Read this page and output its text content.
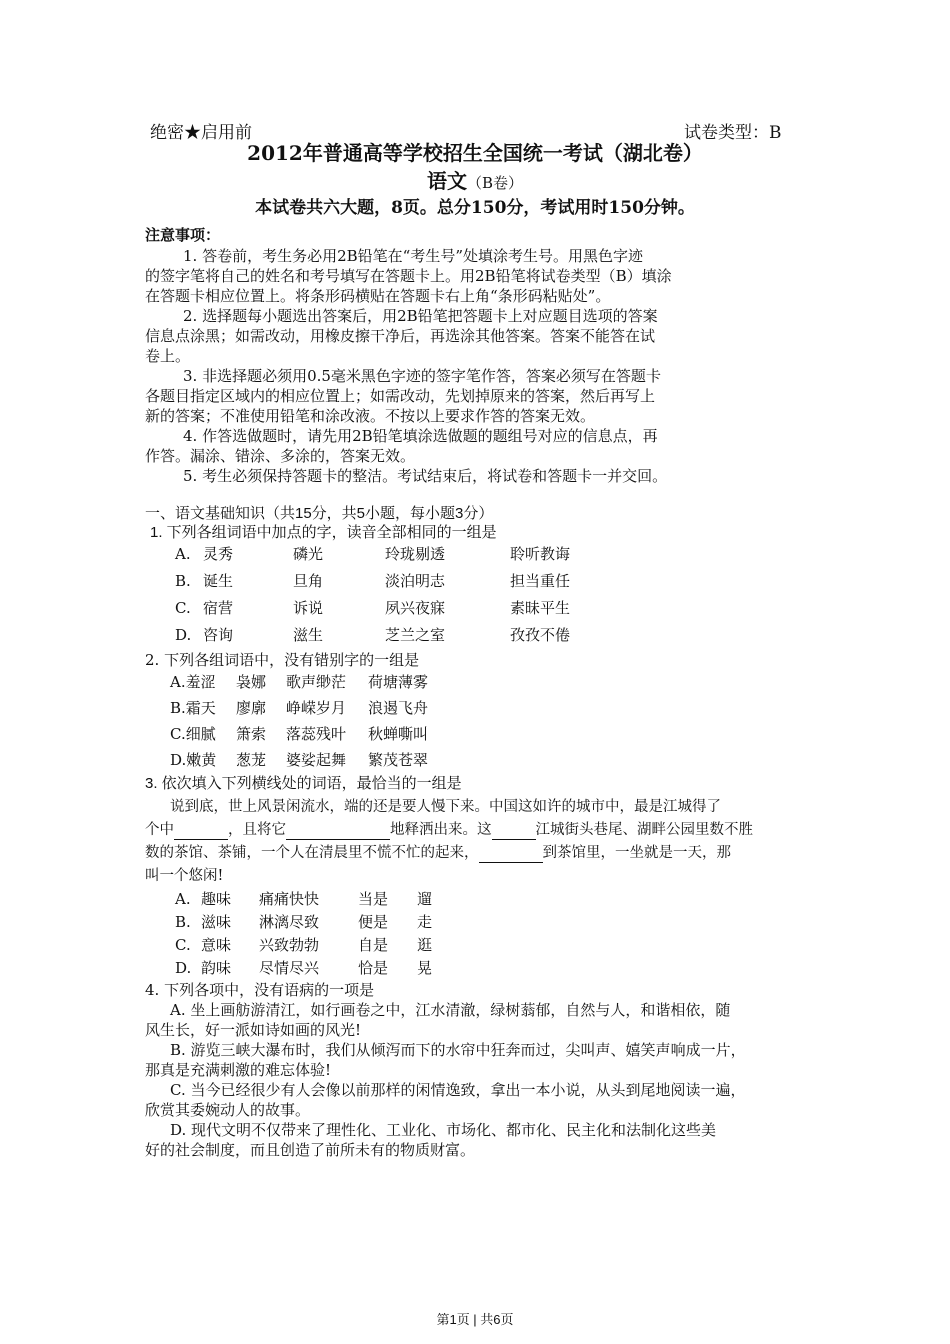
绝密★启用前	试卷类型：B
2012年普通高等学校招生全国统一考试（湖北卷）
语文（B卷）
本试卷共六大题，8页。总分150分，考试用时150分钟。
注意事项：
1. 答卷前，考生务必用2B铅笔在“考生号”处填涂考生号。用黑色字迹
的签字笔将自己的姓名和考号填写在答题卡上。用2B铅笔将试卷类型（B）填涂
在答题卡相应位置上。将条形码横贴在答题卡右上角“条形码粘贴处”。
2. 选择题每小题选出答案后，用2B铅笔把答题卡上对应题目选项的答案
信息点涂黑；如需改动，用橡皮擦干净后，再选涂其他答案。答案不能答在试
卷上。
3. 非选择题必须用0.5毫米黑色字迹的签字笔作答，答案必须写在答题卡
各题目指定区域内的相应位置上；如需改动，先划掉原来的答案，然后再写上
新的答案；不准使用铅笔和涂改液。不按以上要求作答的答案无效。
4. 作答选做题时，请先用2B铅笔填涂选做题的题组号对应的信息点，再
作答。漏涂、错涂、多涂的，答案无效。
5. 考生必须保持答题卡的整洁。考试结束后，将试卷和答题卡一并交回。
一、语文基础知识（共15分，共5小题，每小题3分）
1. 下列各组词语中加点的字，读音全部相同的一组是
A. 灵秀	磷光	玲珑剔透	聆听教诲
B. 诞生	旦角	淡泊明志	担当重任
C. 宿营	诉说	夙兴夜寐	素昧平生
D. 咨询	滋生	芝兰之室	孜孜不倦
2. 下列各组词语中，没有错别字的一组是
A.羞涩 袅娜 歌声缈茫 荷塘薄雾
B.霜天 廖廓 峥嵘岁月 浪遏飞舟
C.细腻 箫索 落蕊残叶 秋蝉嘶叫
D.嫩黄 葱茏 婆娑起舞 繁茂苍翠
3. 依次填入下列横线处的词语，最恰当的一组是
说到底，世上风景闲流水，端的还是要人慢下来。中国这如许的城市中，最是江城得了
个中	，且将它	地释洒出来。这	江城街头巷尾、湖畔公园里数不胜
数的茶馆、茶铺，一个人在清晨里不慌不忙的起来，	到茶馆里，一坐就是一天，那
叫一个悠闲!
A. 趣味 痛痛快快	当是 遛
B. 滋味 淋漓尽致	便是 走
C. 意味 兴致勃勃	自是 逛
D. 韵味 尽情尽兴	恰是 晃
4. 下列各项中，没有语病的一项是
A. 坐上画舫游清江，如行画卷之中，江水清澈，绿树蓊郁，自然与人，和谐相依，随
风生长，好一派如诗如画的风光!
B. 游览三峡大瀑布时，我们从倾泻而下的水帘中狂奔而过，尖叫声、嬉笑声响成一片，
那真是充满刺激的难忘体验!
C. 当今已经很少有人会像以前那样的闲情逸致，拿出一本小说，从头到尾地阅读一遍，
欣赏其委婉动人的故事。
D. 现代文明不仅带来了理性化、工业化、市场化、都市化、民主化和法制化这些美
好的社会制度，而且创造了前所未有的物质财富。
第1页 | 共6页
